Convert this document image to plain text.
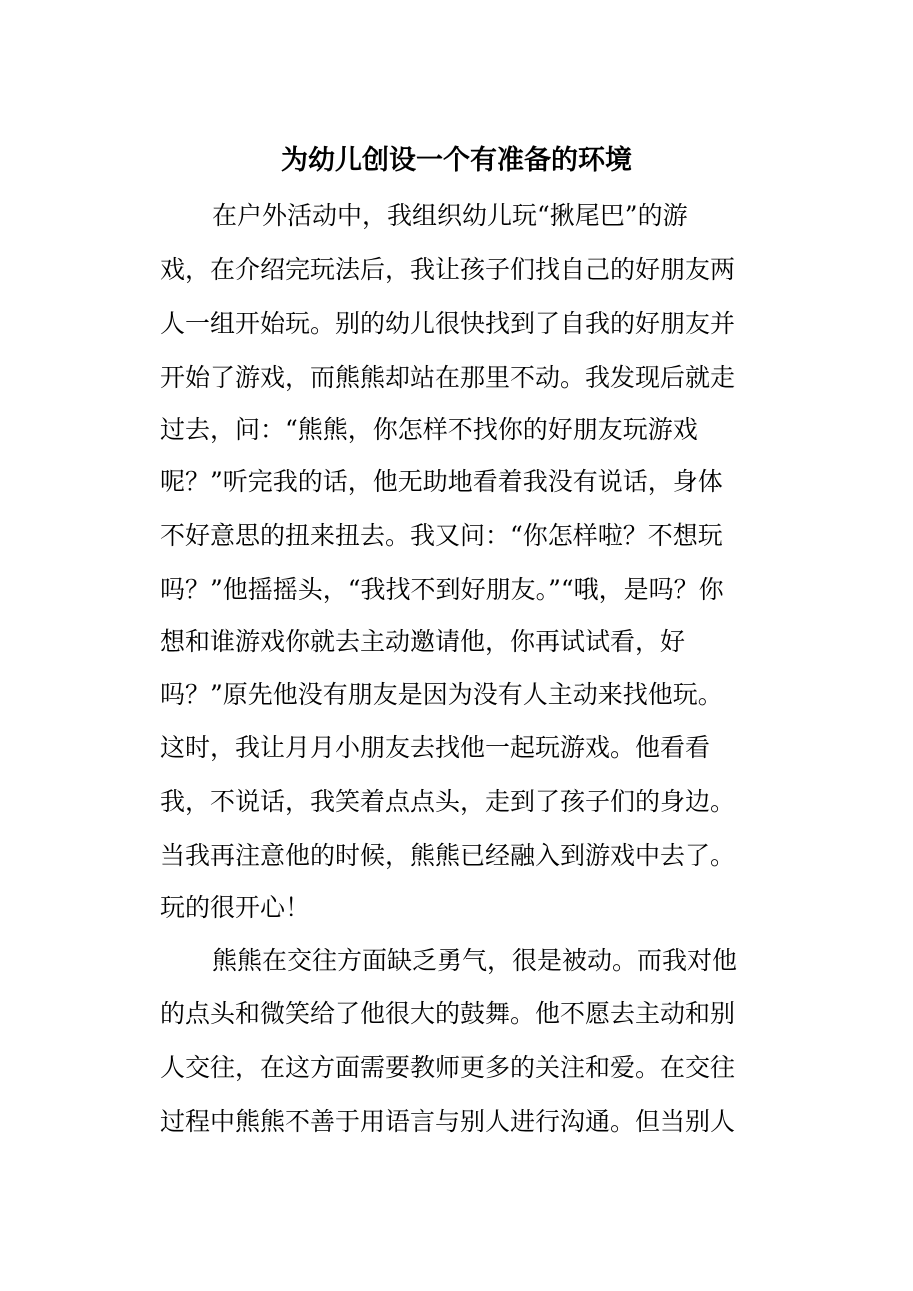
为幼儿创设一个有准备的环境
在户外活动中，我组织幼儿玩“揪尾巴”的游
戏，在介绍完玩法后，我让孩子们找自己的好朋友两
人一组开始玩。别的幼儿很快找到了自我的好朋友并
开始了游戏，而熊熊却站在那里不动。我发现后就走
过去，问：“熊熊，你怎样不找你的好朋友玩游戏
呢？”听完我的话，他无助地看着我没有说话，身体
不好意思的扭来扭去。我又问：“你怎样啦？不想玩
吗？”他摇摇头，“我找不到好朋友。”“哦，是吗？你
想和谁游戏你就去主动邀请他，你再试试看，好
吗？”原先他没有朋友是因为没有人主动来找他玩。
这时，我让月月小朋友去找他一起玩游戏。他看看
我，不说话，我笑着点点头，走到了孩子们的身边。
当我再注意他的时候，熊熊已经融入到游戏中去了。
玩的很开心！
熊熊在交往方面缺乏勇气，很是被动。而我对他
的点头和微笑给了他很大的鼓舞。他不愿去主动和别
人交往，在这方面需要教师更多的关注和爱。在交往
过程中熊熊不善于用语言与别人进行沟通。但当别人
